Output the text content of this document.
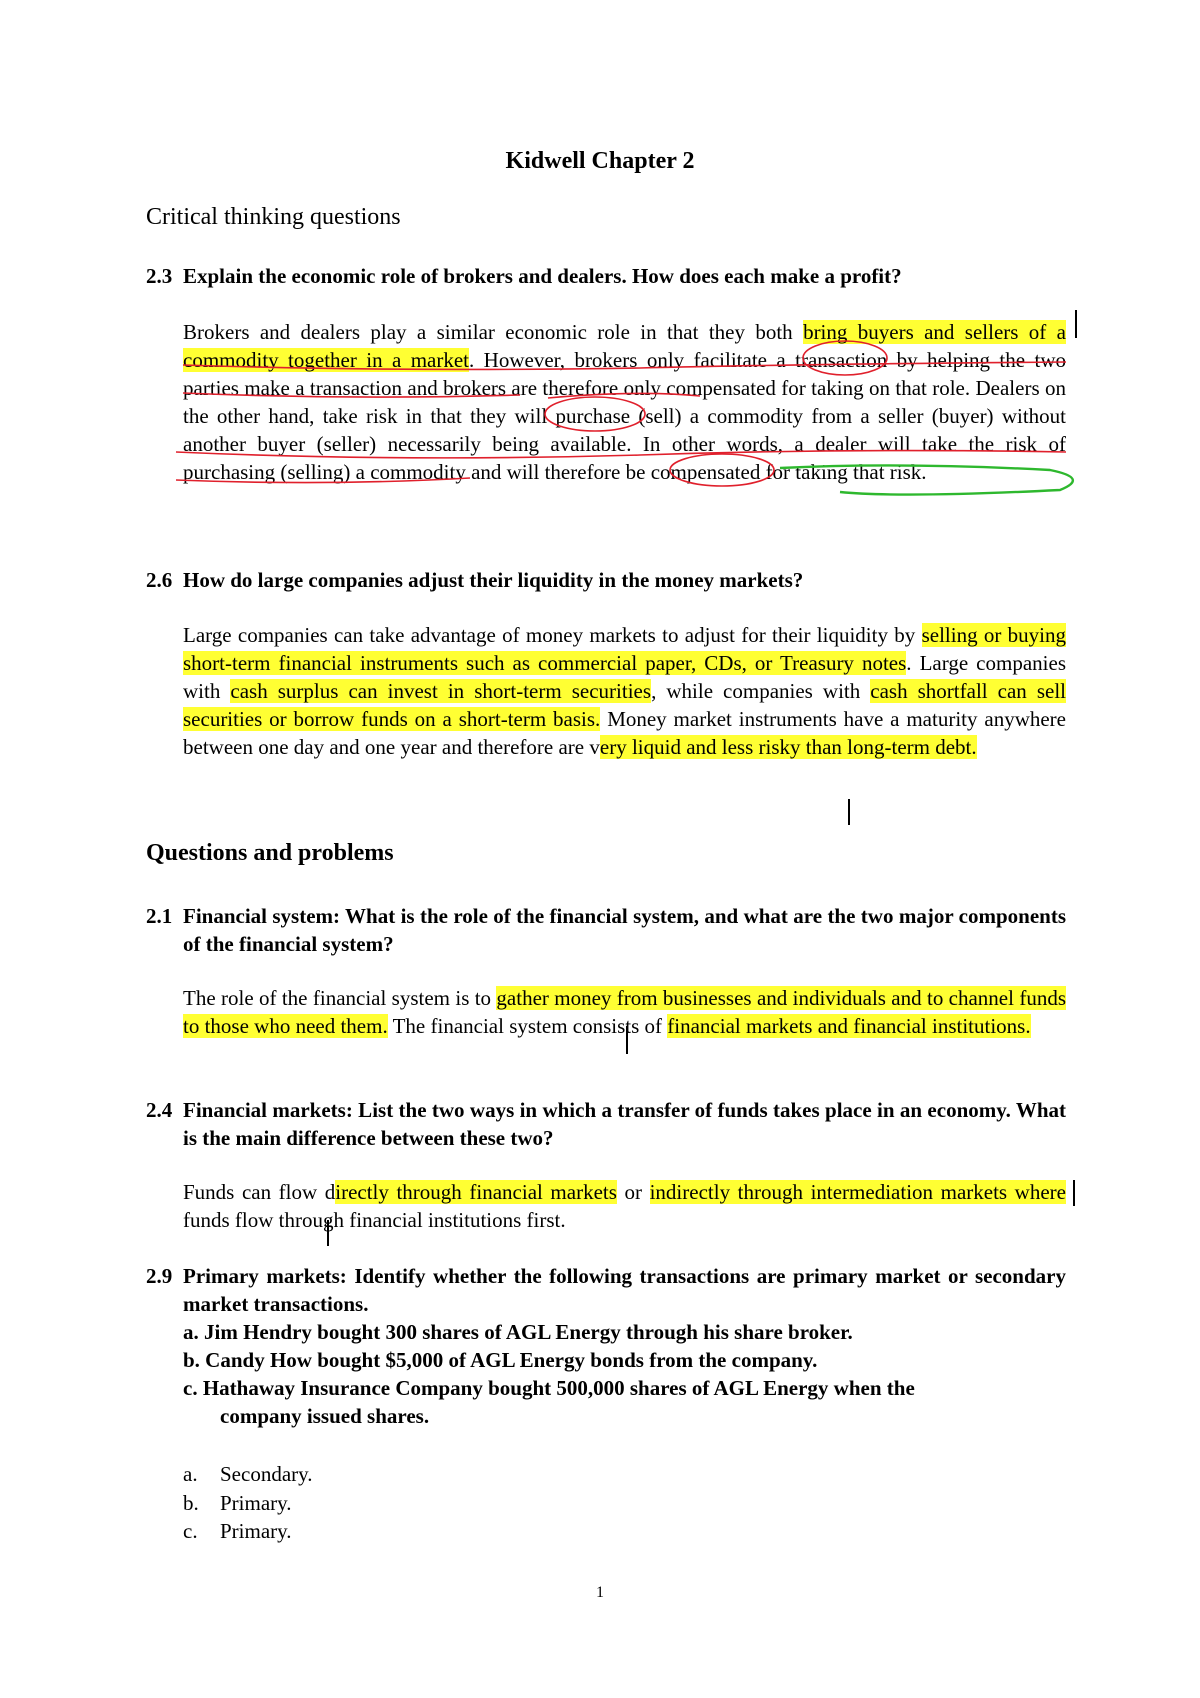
Kidwell Chapter 2
Critical thinking questions
2.3 Explain the economic role of brokers and dealers. How does each make a profit?
Brokers and dealers play a similar economic role in that they both bring buyers and sellers of a commodity together in a market. However, brokers only facilitate a transaction by helping the two parties make a transaction and brokers are therefore only compensated for taking on that role. Dealers on the other hand, take risk in that they will purchase (sell) a commodity from a seller (buyer) without another buyer (seller) necessarily being available. In other words, a dealer will take the risk of purchasing (selling) a commodity and will therefore be compensated for taking that risk.
2.6 How do large companies adjust their liquidity in the money markets?
Large companies can take advantage of money markets to adjust for their liquidity by selling or buying short-term financial instruments such as commercial paper, CDs, or Treasury notes. Large companies with cash surplus can invest in short-term securities, while companies with cash shortfall can sell securities or borrow funds on a short-term basis. Money market instruments have a maturity anywhere between one day and one year and therefore are very liquid and less risky than long-term debt.
Questions and problems
2.1 Financial system: What is the role of the financial system, and what are the two major components of the financial system?
The role of the financial system is to gather money from businesses and individuals and to channel funds to those who need them. The financial system consists of financial markets and financial institutions.
2.4 Financial markets: List the two ways in which a transfer of funds takes place in an economy. What is the main difference between these two?
Funds can flow directly through financial markets or indirectly through intermediation markets where funds flow through financial institutions first.
2.9 Primary markets: Identify whether the following transactions are primary market or secondary market transactions.
a. Jim Hendry bought 300 shares of AGL Energy through his share broker.
b. Candy How bought $5,000 of AGL Energy bonds from the company.
c. Hathaway Insurance Company bought 500,000 shares of AGL Energy when the
company issued shares.
a.	Secondary.
b.	Primary.
c.	Primary.
1
